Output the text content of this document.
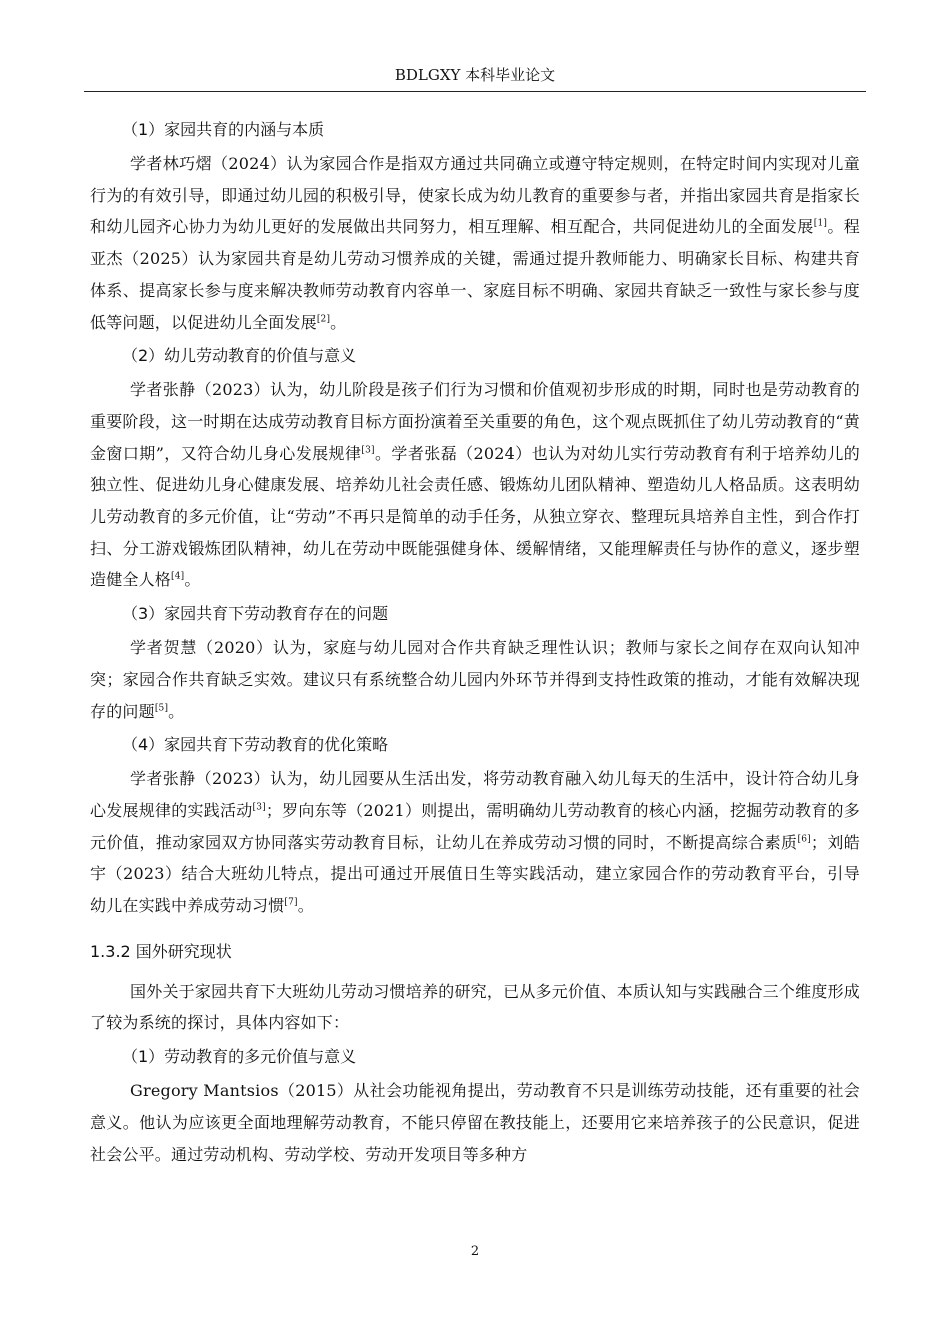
BDLGXY 本科毕业论文
（1）家园共育的内涵与本质

学者林巧熠（2024）认为家园合作是指双方通过共同确立或遵守特定规则，在特定时间内实现对儿童行为的有效引导，即通过幼儿园的积极引导，使家长成为幼儿教育的重要参与者，并指出家园共育是指家长和幼儿园齐心协力为幼儿更好的发展做出共同努力，相互理解、相互配合，共同促进幼儿的全面发展[1]。程亚杰（2025）认为家园共育是幼儿劳动习惯养成的关键，需通过提升教师能力、明确家长目标、构建共育体系、提高家长参与度来解决教师劳动教育内容单一、家庭目标不明确、家园共育缺乏一致性与家长参与度低等问题，以促进幼儿全面发展[2]。

（2）幼儿劳动教育的价值与意义

学者张静（2023）认为，幼儿阶段是孩子们行为习惯和价值观初步形成的时期，同时也是劳动教育的重要阶段，这一时期在达成劳动教育目标方面扮演着至关重要的角色，这个观点既抓住了幼儿劳动教育的“黄金窗口期”，又符合幼儿身心发展规律[3]。学者张磊（2024）也认为对幼儿实行劳动教育有利于培养幼儿的独立性、促进幼儿身心健康发展、培养幼儿社会责任感、锻炼幼儿团队精神、塑造幼儿人格品质。这表明幼儿劳动教育的多元价值，让“劳动”不再只是简单的动手任务，从独立穿衣、整理玩具培养自主性，到合作打扫、分工游戏锻炼团队精神，幼儿在劳动中既能强健身体、缓解情绪，又能理解责任与协作的意义，逐步塑造健全人格[4]。

（3）家园共育下劳动教育存在的问题

学者贺慧（2020）认为，家庭与幼儿园对合作共育缺乏理性认识；教师与家长之间存在双向认知冲突；家园合作共育缺乏实效。建议只有系统整合幼儿园内外环节并得到支持性政策的推动，才能有效解决现存的问题[5]。

（4）家园共育下劳动教育的优化策略

学者张静（2023）认为，幼儿园要从生活出发，将劳动教育融入幼儿每天的生活中，设计符合幼儿身心发展规律的实践活动[3]；罗向东等（2021）则提出，需明确幼儿劳动教育的核心内涵，挖掘劳动教育的多元价值，推动家园双方协同落实劳动教育目标，让幼儿在养成劳动习惯的同时，不断提高综合素质[6]；刘皓宇（2023）结合大班幼儿特点，提出可通过开展值日生等实践活动，建立家园合作的劳动教育平台，引导幼儿在实践中养成劳动习惯[7]。

1.3.2 国外研究现状

国外关于家园共育下大班幼儿劳动习惯培养的研究，已从多元价值、本质认知与实践融合三个维度形成了较为系统的探讨，具体内容如下：

（1）劳动教育的多元价值与意义

Gregory Mantsios（2015）从社会功能视角提出，劳动教育不只是训练劳动技能，还有重要的社会意义。他认为应该更全面地理解劳动教育，不能只停留在教技能上，还要用它来培养孩子的公民意识，促进社会公平。通过劳动机构、劳动学校、劳动开发项目等多种方

2
